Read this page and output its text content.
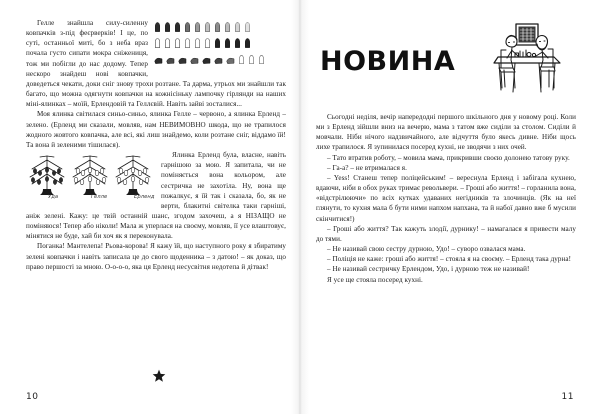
Гелле знайшла силу-силенну ковпачків з-під феєрверків! І це, по суті, останньої миті, бо з неба враз почала густо сипати мокра сніжениця, тож ми побігли до нас додому. Тепер нескоро знайдеш нові ковпачки, доведеться чекати, доки сніг знову трохи розтане. Та дарма, утрьох ми знайшли так багато, що можна одягнути ковпачки на кожнісіньку лампочку гірлянди на наших міні-ялинках – моїй, Ерлендовій та Геллєвій. Навіть зайві зосталися...

Моя ялинка світилася синьо-синьо, ялинка Гелле – червоно, а ялинка Ерленд – зелено. (Ерленд ми сказали, мовляв, нам НЕВИМОВНО шкода, що не трапилося жодного жовтого ковпачка, але всі, які лиш знайдемо, коли розтане сніг, віддамо їй! Та вона й зеленими тішилася).

Уда	Гелле	Ерленд

Ялинка Ерленд була, власне, навіть гарнішою за мою. Я запитала, чи не поміняється вона кольором, але сестричка не захотіла. Ну, вона ще пожалкує, я їй так і сказала, бо, як не верти, блакитні світелка таки гарніші, аніж зелені. Кажу: це твій останній шанс, згодом захочеш, а я НІЗАЩО не поміняюся! Тепер або ніколи! Мала ж уперлася на своєму, мовляв, її усе влаштовує, мінятися не буде, хай би хоч як я переконувала.

Поганка! Мантелепа! Рьова-корова! Я кажу їй, що наступного року я збиратиму зелені ковпачки і навіть записала це до свого щоденника – з датою! – як доказ, що право першості за мною. О-о-о-о, яка ця Ерленд несусвітня недотепа й дітвак!

10
НОВИНА

Сьогодні неділя, вечір напередодні першого шкільного дня у новому році. Коли ми з Ерленд зійшли вниз на вечерю, мама з татом вже сиділи за столом. Сиділи й мовчали. Ніби нічого надзвичайного, але відчуття було якесь дивне. Ніби щось лихе трапилося. Я зупинилася посеред кухні, не зводячи з них очей.

– Тато втратив роботу, – мовила мама, прикривши своєю долонею татову руку.

– Га-а? – не втрималася я.

– Yess! Станеш тепер поліцейським! – вереснула Ерленд і забігала кухнею, вдаючи, ніби в обох руках тримає револьвери. – Гроші або життя! – горланила вона, «відстрілюючи» по всіх кутках удаваних негідників та злочинців. (Як на неї глянути, то кухня мала б бути ними напхом напхана, та й набої давно вже б мусили скінчитися!)

– Гроші або життя? Так кажуть злодії, дурнику! – намагалася я привести малу до тями.

– Не називай свою сестру дурною, Удо! – суворо озвалася мама.

– Поліція не каже: гроші або життя! – стояла я на своєму. – Ерленд така дурна!

– Не називай сестричку Ерлендом, Удо, і дурною теж не називай!

Я усе ще стояла посеред кухні.

11
